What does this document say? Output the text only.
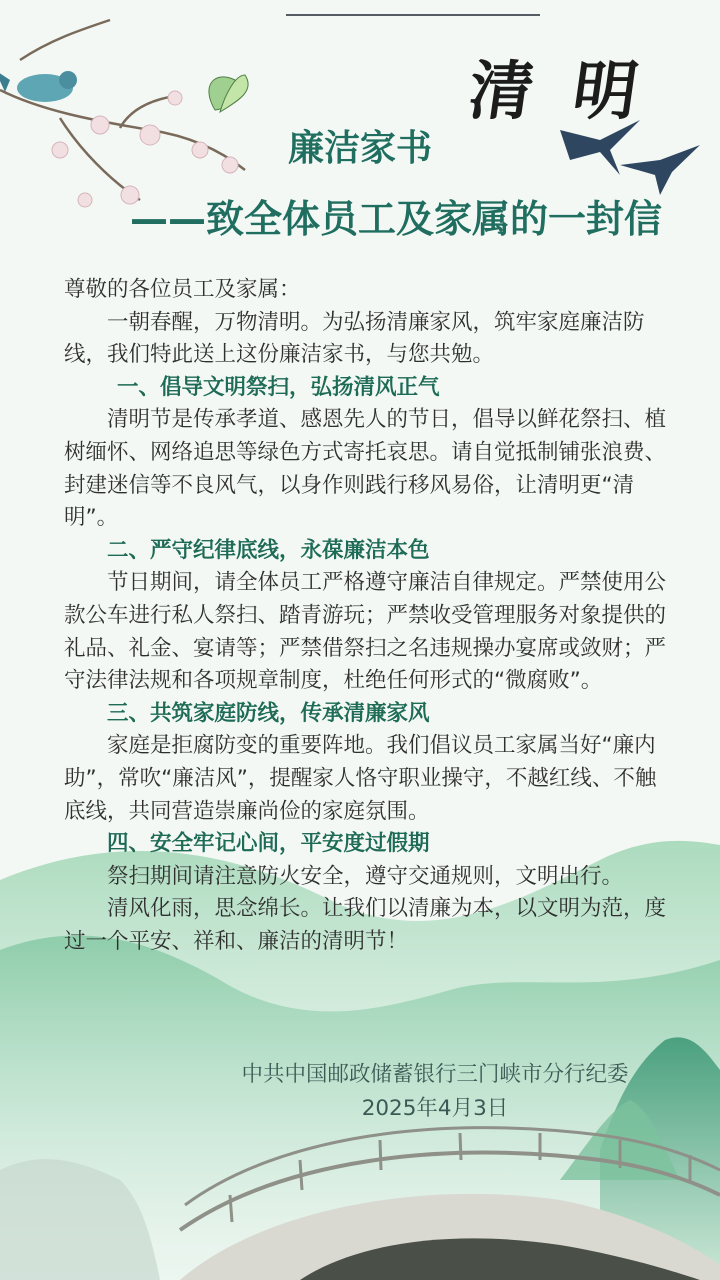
清明
廉洁家书
——致全体员工及家属的一封信

尊敬的各位员工及家属：

一朝春醒，万物清明。为弘扬清廉家风，筑牢家庭廉洁防线，我们特此送上这份廉洁家书，与您共勉。

一、倡导文明祭扫，弘扬清风正气

清明节是传承孝道、感恩先人的节日，倡导以鲜花祭扫、植树缅怀、网络追思等绿色方式寄托哀思。请自觉抵制铺张浪费、封建迷信等不良风气，以身作则践行移风易俗，让清明更“清明”。

二、严守纪律底线，永葆廉洁本色

节日期间，请全体员工严格遵守廉洁自律规定。严禁使用公款公车进行私人祭扫、踏青游玩；严禁收受管理服务对象提供的礼品、礼金、宴请等；严禁借祭扫之名违规操办宴席或敛财；严守法律法规和各项规章制度，杜绝任何形式的“微腐败”。

三、共筑家庭防线，传承清廉家风

家庭是拒腐防变的重要阵地。我们倡议员工家属当好“廉内助”，常吹“廉洁风”，提醒家人恪守职业操守，不越红线、不触底线，共同营造崇廉尚俭的家庭氛围。

四、安全牢记心间，平安度过假期

祭扫期间请注意防火安全，遵守交通规则，文明出行。

清风化雨，思念绵长。让我们以清廉为本，以文明为范，度过一个平安、祥和、廉洁的清明节！

中共中国邮政储蓄银行三门峡市分行纪委
2025年4月3日
